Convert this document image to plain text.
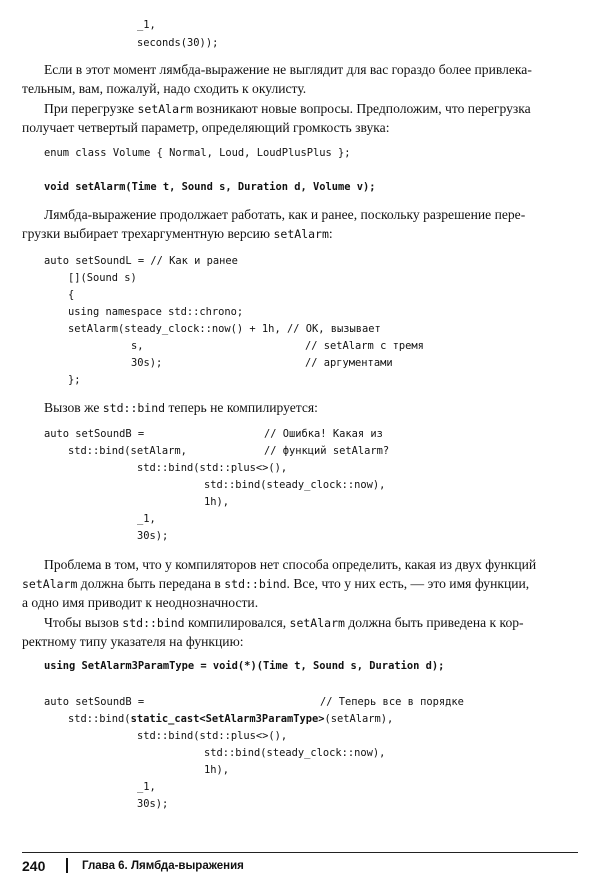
_1,
seconds(30));
Если в этот момент лямбда-выражение не выглядит для вас гораздо более привлека-
тельным, вам, пожалуй, надо сходить к окулисту.
При перегрузке setAlarm возникают новые вопросы. Предположим, что перегрузка
получает четвертый параметр, определяющий громкость звука:
enum class Volume { Normal, Loud, LoudPlusPlus };
void setAlarm(Time t, Sound s, Duration d, Volume v);
Лямбда-выражение продолжает работать, как и ранее, поскольку разрешение пере-
грузки выбирает трехаргументную версию setAlarm:
auto setSoundL = // Как и ранее
[](Sound s)
{
using namespace std::chrono;
setAlarm(steady_clock::now() + 1h, // OK, вызывает
s,	// setAlarm с тремя
30s);	// аргументами
};
Вызов же std::bind теперь не компилируется:
auto setSoundB =	// Ошибка! Какая из
std::bind(setAlarm,	// функций setAlarm?
std::bind(std::plus<>(),
std::bind(steady_clock::now),
1h),
_1,
30s);
Проблема в том, что у компиляторов нет способа определить, какая из двух функций
setAlarm должна быть передана в std::bind. Все, что у них есть, — это имя функции,
а одно имя приводит к неоднозначности.
Чтобы вызов std::bind компилировался, setAlarm должна быть приведена к кор-
ректному типу указателя на функцию:
using SetAlarm3ParamType = void(*)(Time t, Sound s, Duration d);
auto setSoundB =	// Теперь все в порядке
std::bind(static_cast<SetAlarm3ParamType>(setAlarm),
std::bind(std::plus<>(),
std::bind(steady_clock::now),
1h),
_1,
30s);
240	Глава 6. Лямбда-выражения
